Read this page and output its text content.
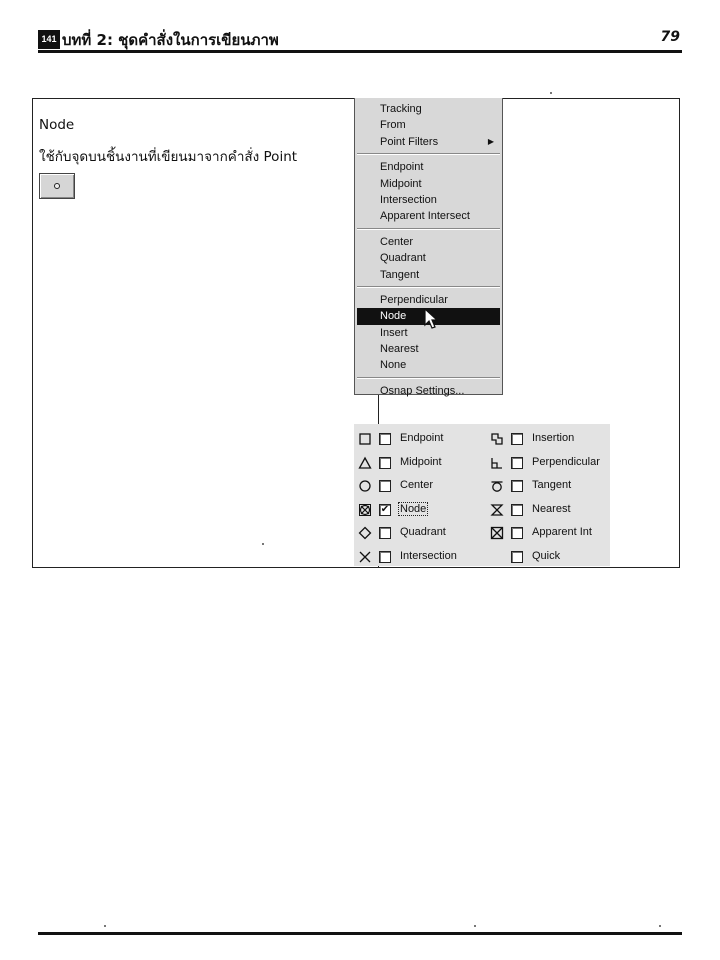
141 บทที่ 2: ชุดคำสั่งในการเขียนภาพ	79
Node
ใช้กับจุดบนชิ้นงานที่เขียนมาจากคำสั่ง Point
Tracking
From
Point Filters	▶
Endpoint
Midpoint
Intersection
Apparent Intersect
Center
Quadrant
Tangent
Perpendicular
Node
Insert
Nearest
None
Osnap Settings...
Endpoint
Midpoint
Center
✔ Node
Quadrant
Intersection
Insertion
Perpendicular
Tangent
Nearest
Apparent Int
Quick
